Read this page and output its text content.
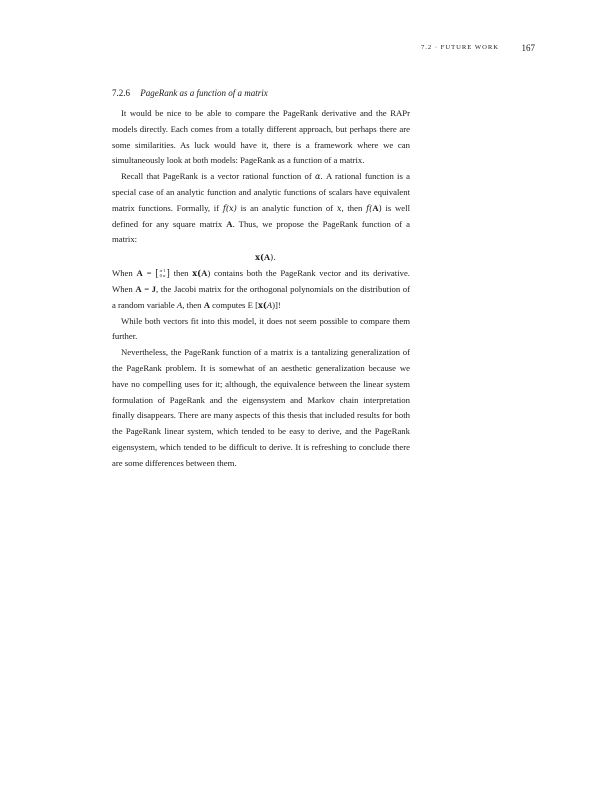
7.2 · FUTURE WORK	167
7.2.6 PageRank as a function of a matrix

It would be nice to be able to compare the PageRank derivative and the RAPr models directly. Each comes from a totally different approach, but perhaps there are some similarities. As luck would have it, there is a framework where we can simultaneously look at both models: PageRank as a function of a matrix.

Recall that PageRank is a vector rational function of α. A rational function is a special case of an analytic function and analytic functions of scalars have equivalent matrix functions. Formally, if f(x) is an analytic function of x, then f(A) is well defined for any square matrix A. Thus, we propose the PageRank function of a matrix:

x(A).

When A = [ α 1
0 α ] then x(A) contains both the PageRank vector and its derivative. When A = J, the Jacobi matrix for the orthogonal polynomials on the distribution of a random variable A, then A computes E [x(A)]!

While both vectors fit into this model, it does not seem possible to compare them further.

Nevertheless, the PageRank function of a matrix is a tantalizing generalization of the PageRank problem. It is somewhat of an aesthetic generalization because we have no compelling uses for it; although, the equivalence between the linear system formulation of PageRank and the eigensystem and Markov chain interpretation finally disappears. There are many aspects of this thesis that included results for both the PageRank linear system, which tended to be easy to derive, and the PageRank eigensystem, which tended to be difficult to derive. It is refreshing to conclude there are some differences between them.
